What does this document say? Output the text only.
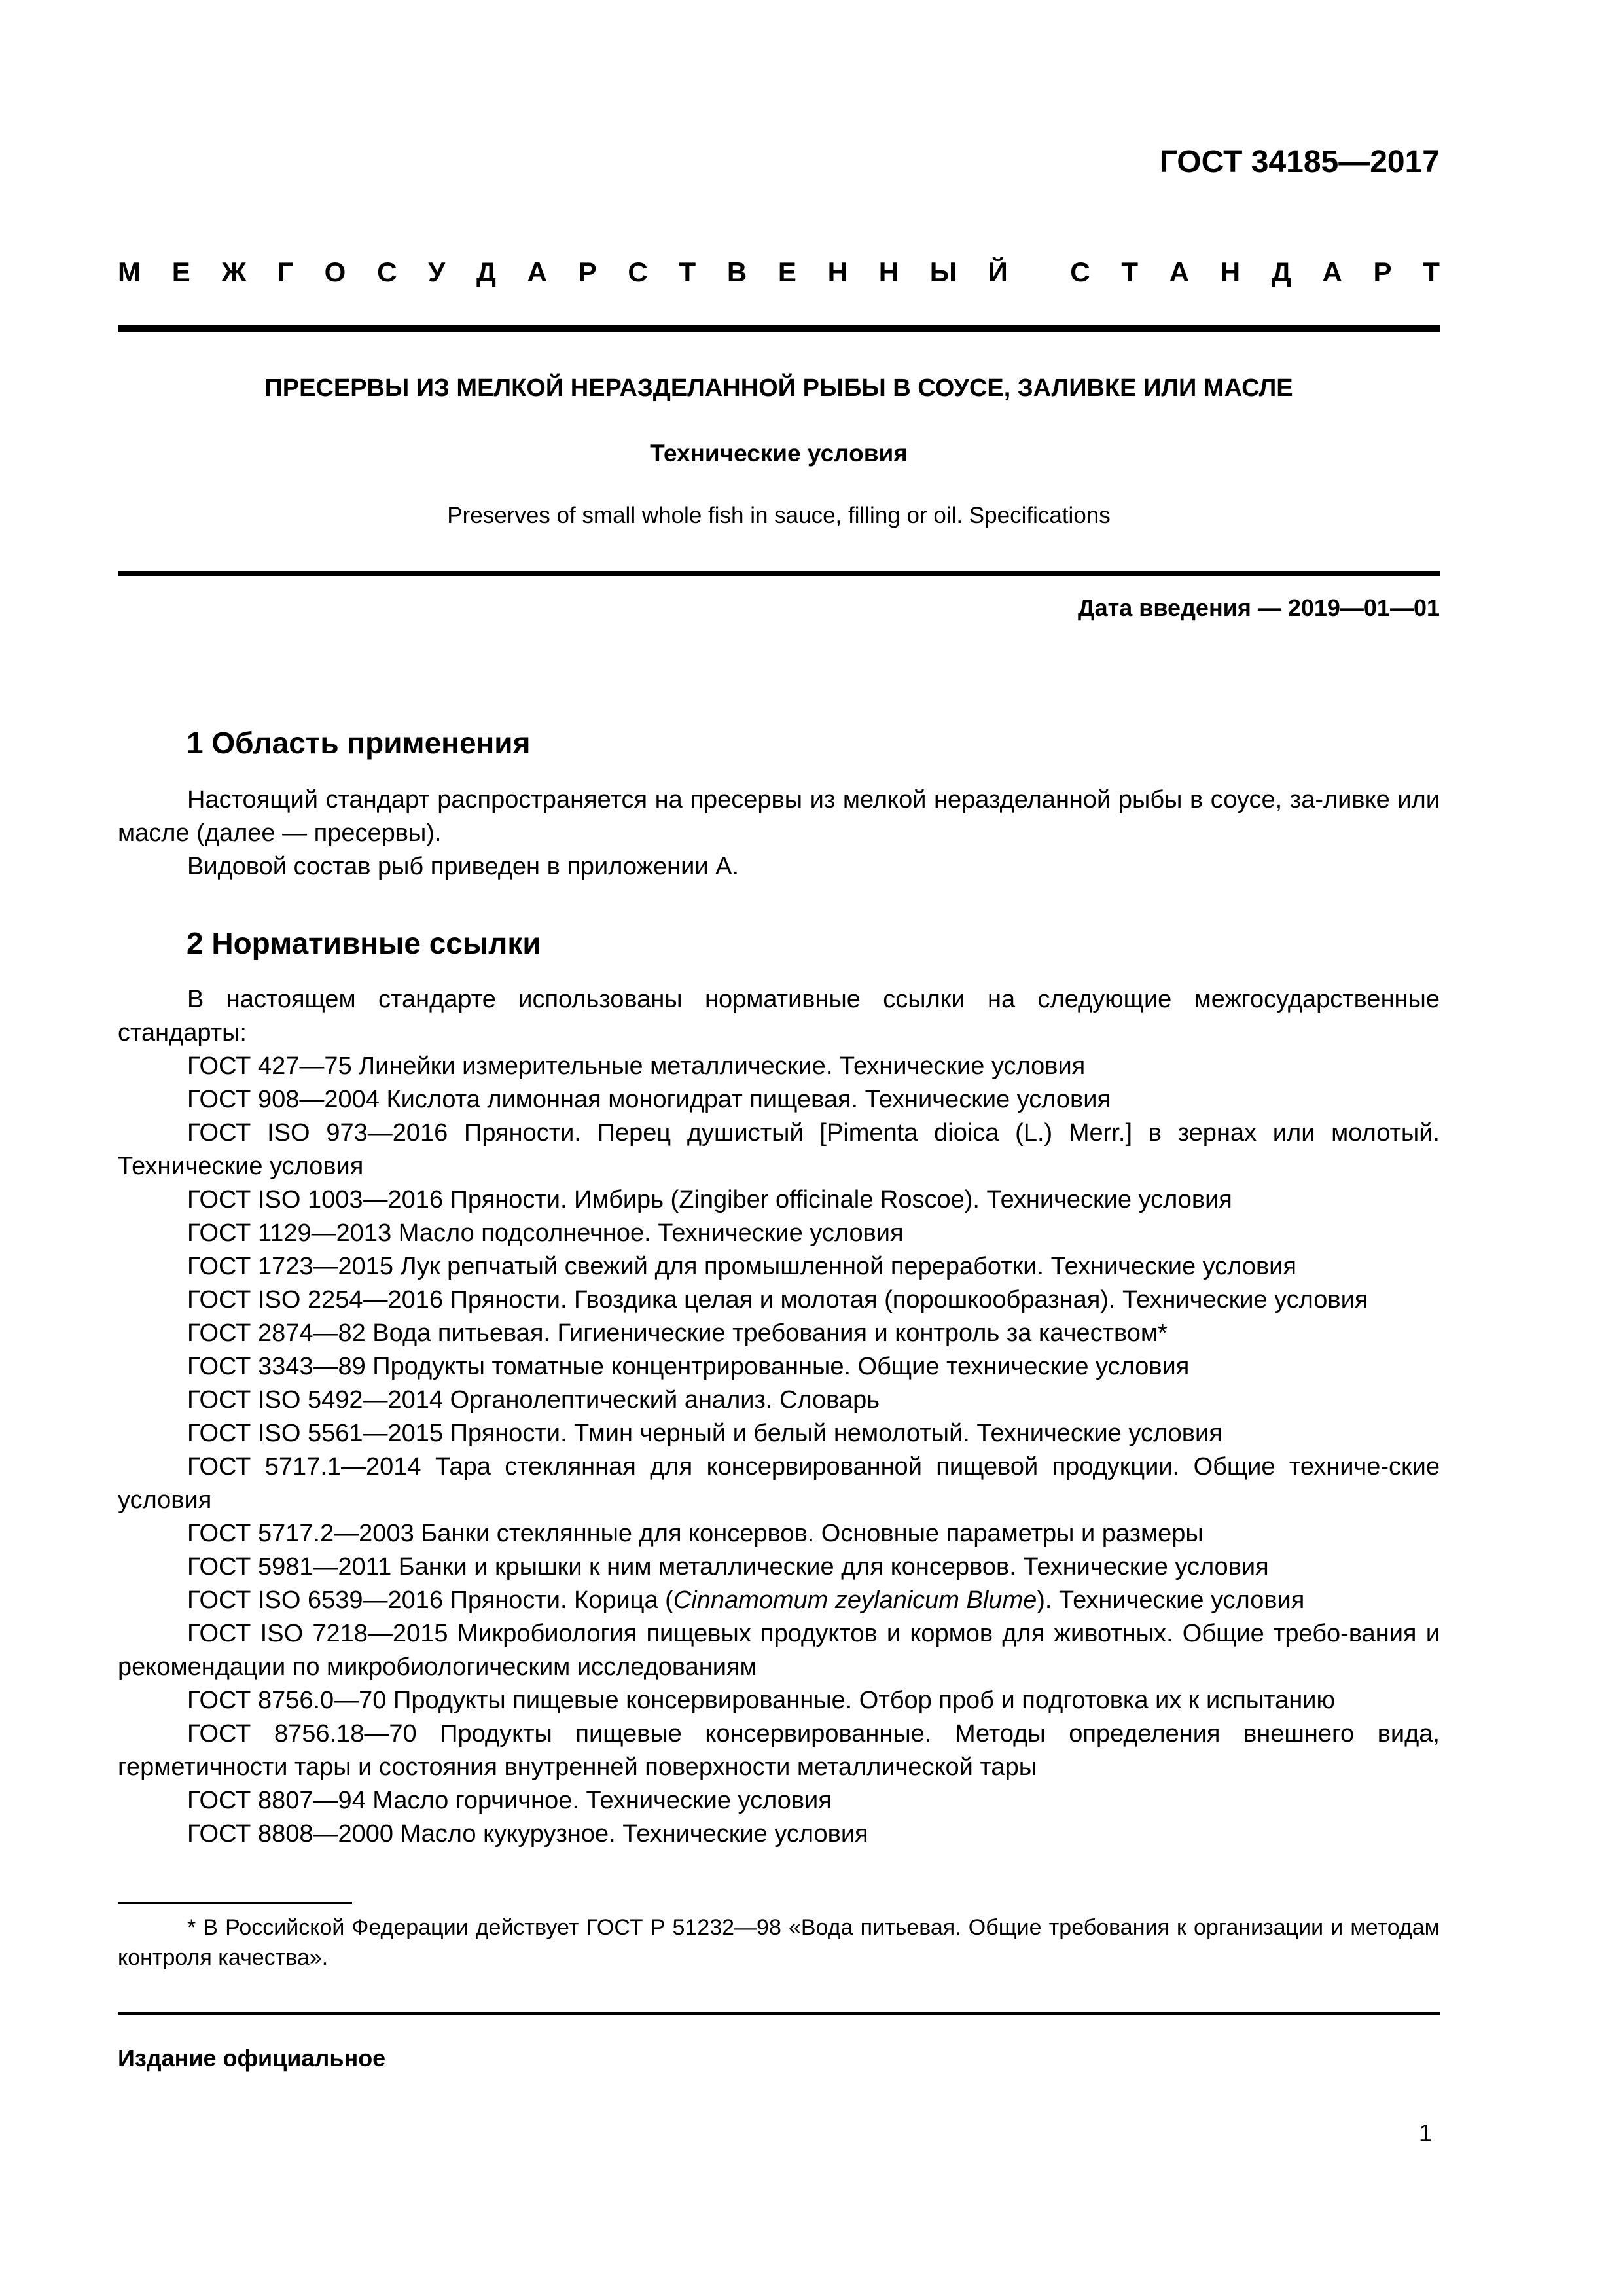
ГОСТ 34185—2017
М Е Ж Г О С У Д А Р С Т В Е Н Н Ы Й С Т А Н Д А Р Т
ПРЕСЕРВЫ ИЗ МЕЛКОЙ НЕРАЗДЕЛАННОЙ РЫБЫ В СОУСЕ, ЗАЛИВКЕ ИЛИ МАСЛЕ
Технические условия
Preserves of small whole fish in sauce, filling or oil. Specifications
Дата введения — 2019—01—01
1 Область применения

Настоящий стандарт распространяется на пресервы из мелкой неразделанной рыбы в соусе, за-ливке или масле (далее — пресервы).

Видовой состав рыб приведен в приложении А.

2 Нормативные ссылки

В настоящем стандарте использованы нормативные ссылки на следующие межгосударственные стандарты:

ГОСТ 427—75 Линейки измерительные металлические. Технические условия

ГОСТ 908—2004 Кислота лимонная моногидрат пищевая. Технические условия

ГОСТ ISO 973—2016 Пряности. Перец душистый [Pimenta dioica (L.) Merr.] в зернах или молотый. Технические условия

ГОСТ ISO 1003—2016 Пряности. Имбирь (Zingiber officinale Roscoe). Технические условия

ГОСТ 1129—2013 Масло подсолнечное. Технические условия

ГОСТ 1723—2015 Лук репчатый свежий для промышленной переработки. Технические условия

ГОСТ ISO 2254—2016 Пряности. Гвоздика целая и молотая (порошкообразная). Технические условия

ГОСТ 2874—82 Вода питьевая. Гигиенические требования и контроль за качеством*

ГОСТ 3343—89 Продукты томатные концентрированные. Общие технические условия

ГОСТ ISO 5492—2014 Органолептический анализ. Словарь

ГОСТ ISO 5561—2015 Пряности. Тмин черный и белый немолотый. Технические условия

ГОСТ 5717.1—2014 Тара стеклянная для консервированной пищевой продукции. Общие техниче-ские условия

ГОСТ 5717.2—2003 Банки стеклянные для консервов. Основные параметры и размеры

ГОСТ 5981—2011 Банки и крышки к ним металлические для консервов. Технические условия

ГОСТ ISO 6539—2016 Пряности. Корица (Cinnamomum zeylanicum Blume). Технические условия

ГОСТ ISO 7218—2015 Микробиология пищевых продуктов и кормов для животных. Общие требо-вания и рекомендации по микробиологическим исследованиям

ГОСТ 8756.0—70 Продукты пищевые консервированные. Отбор проб и подготовка их к испытанию

ГОСТ 8756.18—70 Продукты пищевые консервированные. Методы определения внешнего вида, герметичности тары и состояния внутренней поверхности металлической тары

ГОСТ 8807—94 Масло горчичное. Технические условия

ГОСТ 8808—2000 Масло кукурузное. Технические условия

* В Российской Федерации действует ГОСТ Р 51232—98 «Вода питьевая. Общие требования к организации и методам контроля качества».

Издание официальное
1
